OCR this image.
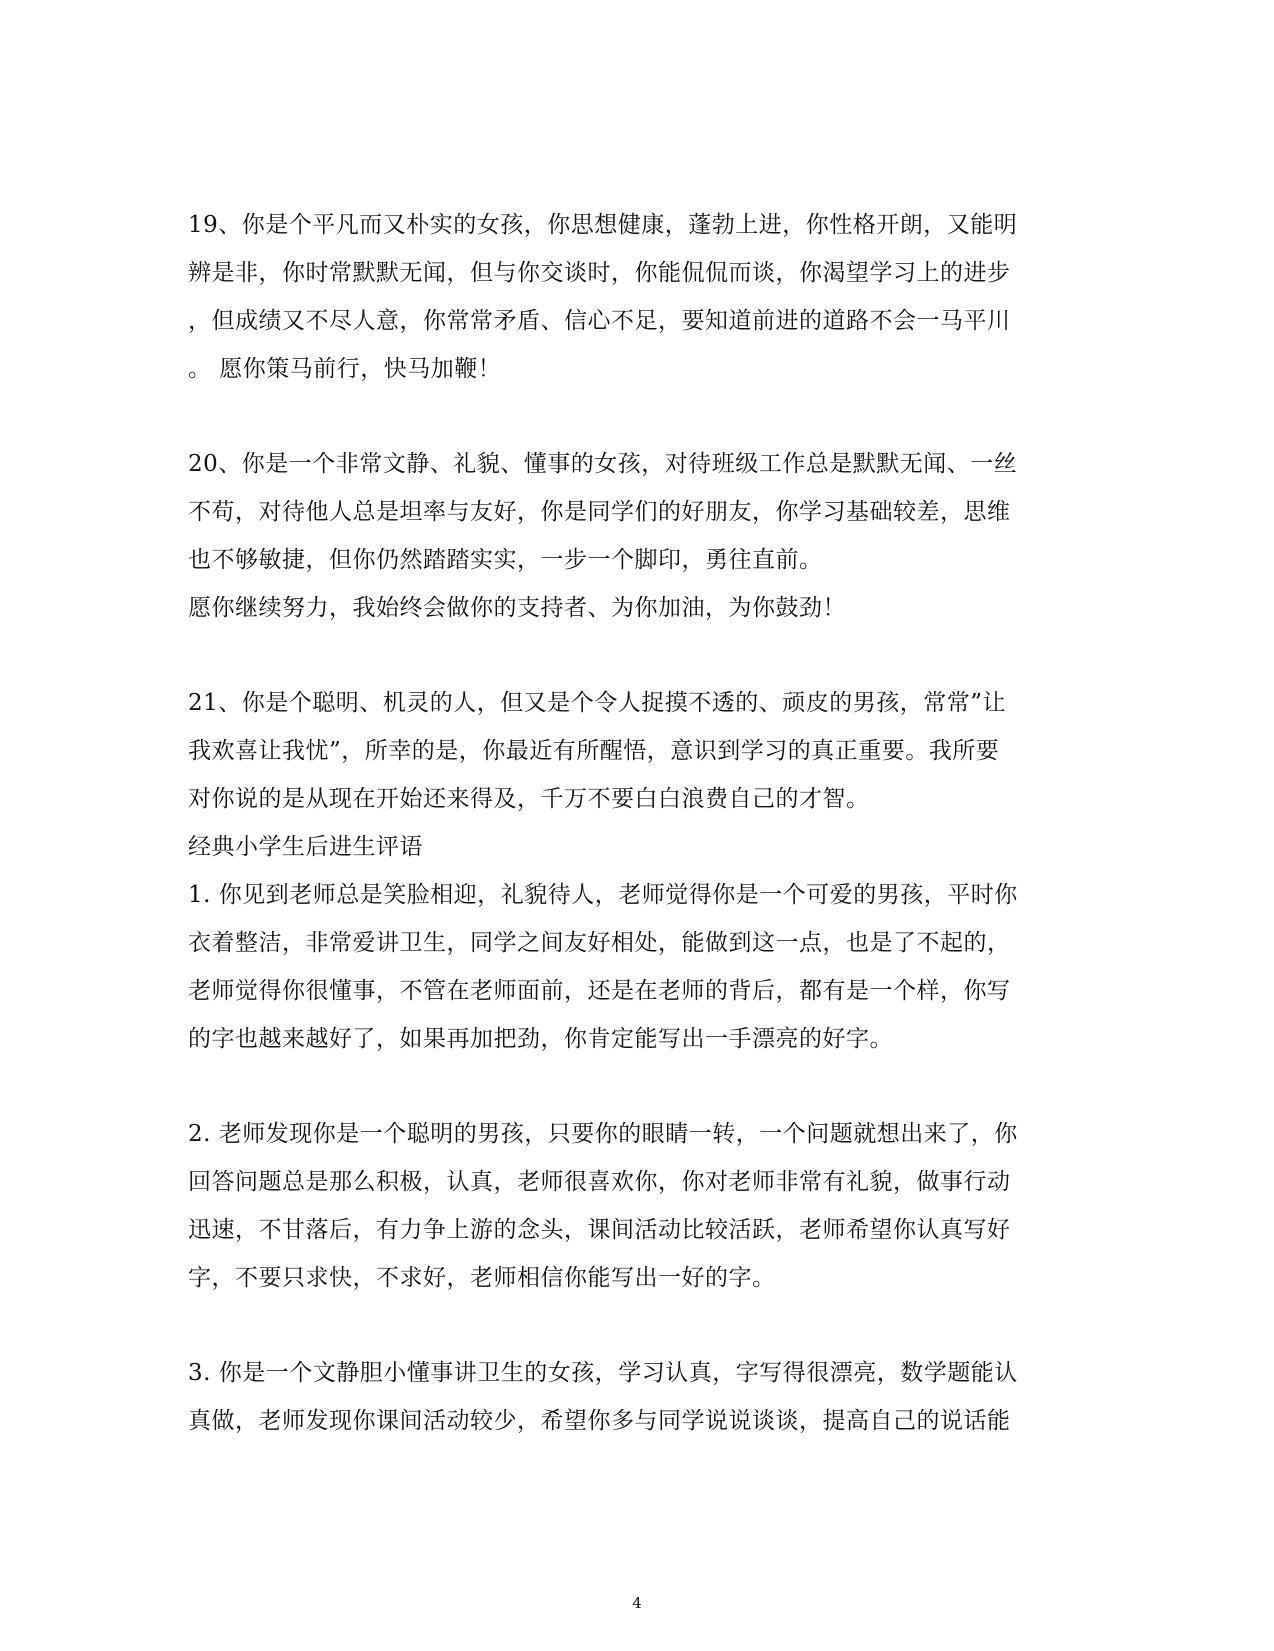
19、你是个平凡而又朴实的女孩，你思想健康，蓬勃上进，你性格开朗，又能明
辨是非，你时常默默无闻，但与你交谈时，你能侃侃而谈，你渴望学习上的进步
，但成绩又不尽人意，你常常矛盾、信心不足，要知道前进的道路不会一马平川
。 愿你策马前行，快马加鞭！
20、你是一个非常文静、礼貌、懂事的女孩，对待班级工作总是默默无闻、一丝
不苟，对待他人总是坦率与友好，你是同学们的好朋友，你学习基础较差，思维
也不够敏捷，但你仍然踏踏实实，一步一个脚印，勇往直前。
愿你继续努力，我始终会做你的支持者、为你加油，为你鼓劲！
21、你是个聪明、机灵的人，但又是个令人捉摸不透的、顽皮的男孩，常常”让
我欢喜让我忧”，所幸的是，你最近有所醒悟，意识到学习的真正重要。我所要
对你说的是从现在开始还来得及，千万不要白白浪费自己的才智。
经典小学生后进生评语
1. 你见到老师总是笑脸相迎，礼貌待人，老师觉得你是一个可爱的男孩，平时你
衣着整洁，非常爱讲卫生，同学之间友好相处，能做到这一点，也是了不起的，
老师觉得你很懂事，不管在老师面前，还是在老师的背后，都有是一个样，你写
的字也越来越好了，如果再加把劲，你肯定能写出一手漂亮的好字。
2. 老师发现你是一个聪明的男孩，只要你的眼睛一转，一个问题就想出来了，你
回答问题总是那么积极，认真，老师很喜欢你，你对老师非常有礼貌，做事行动
迅速，不甘落后，有力争上游的念头，课间活动比较活跃，老师希望你认真写好
字，不要只求快，不求好，老师相信你能写出一好的字。
3. 你是一个文静胆小懂事讲卫生的女孩，学习认真，字写得很漂亮，数学题能认
真做，老师发现你课间活动较少，希望你多与同学说说谈谈，提高自己的说话能
4
